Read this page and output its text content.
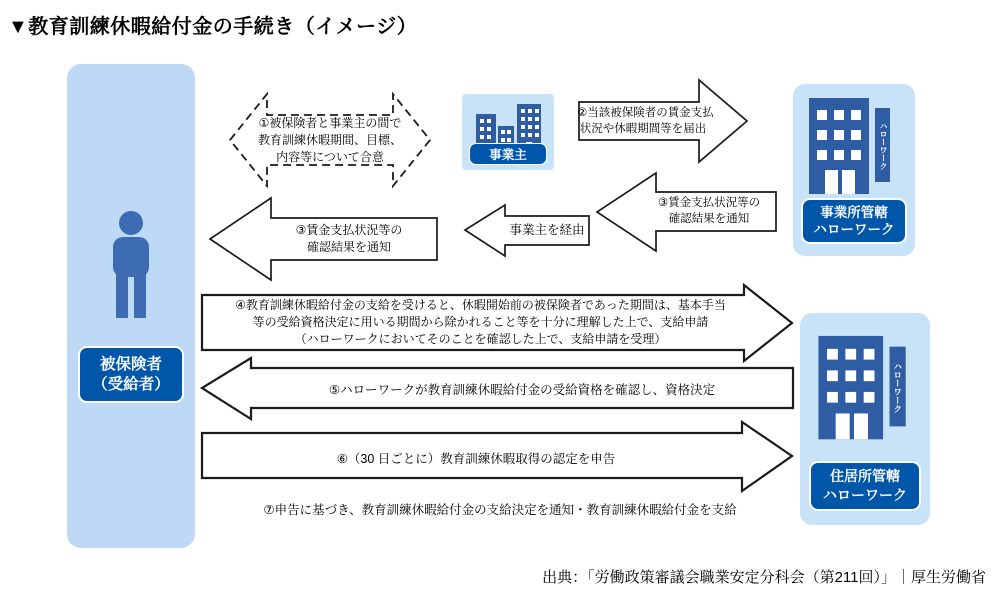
▼教育訓練休暇給付金の手続き（イメージ）
被保険者
（受給者）
①被保険者と事業主の間で
教育訓練休暇期間、目標、
内容等について合意	事業主
②当該被保険者の賃金支払
状況や休暇期間等を届出	ハローワーク
事業所管轄
ハローワーク
③賃金支払状況等の
確認結果を通知
事業主を経由
③賃金支払状況等の
確認結果を通知
④教育訓練休暇給付金の支給を受けると、休暇開始前の被保険者であった期間は、基本手当
等の受給資格決定に用いる期間から除かれること等を十分に理解した上で、支給申請
（ハローワークにおいてそのことを確認した上で、支給申請を受理）
⑤ハローワークが教育訓練休暇給付金の受給資格を確認し、資格決定
⑥（30 日ごとに）教育訓練休暇取得の認定を申告
⑦申告に基づき、教育訓練休暇給付金の支給決定を通知・教育訓練休暇給付金を支給
ハローワーク
住居所管轄
ハローワーク
出典：「労働政策審議会職業安定分科会（第211回）」｜厚生労働省
